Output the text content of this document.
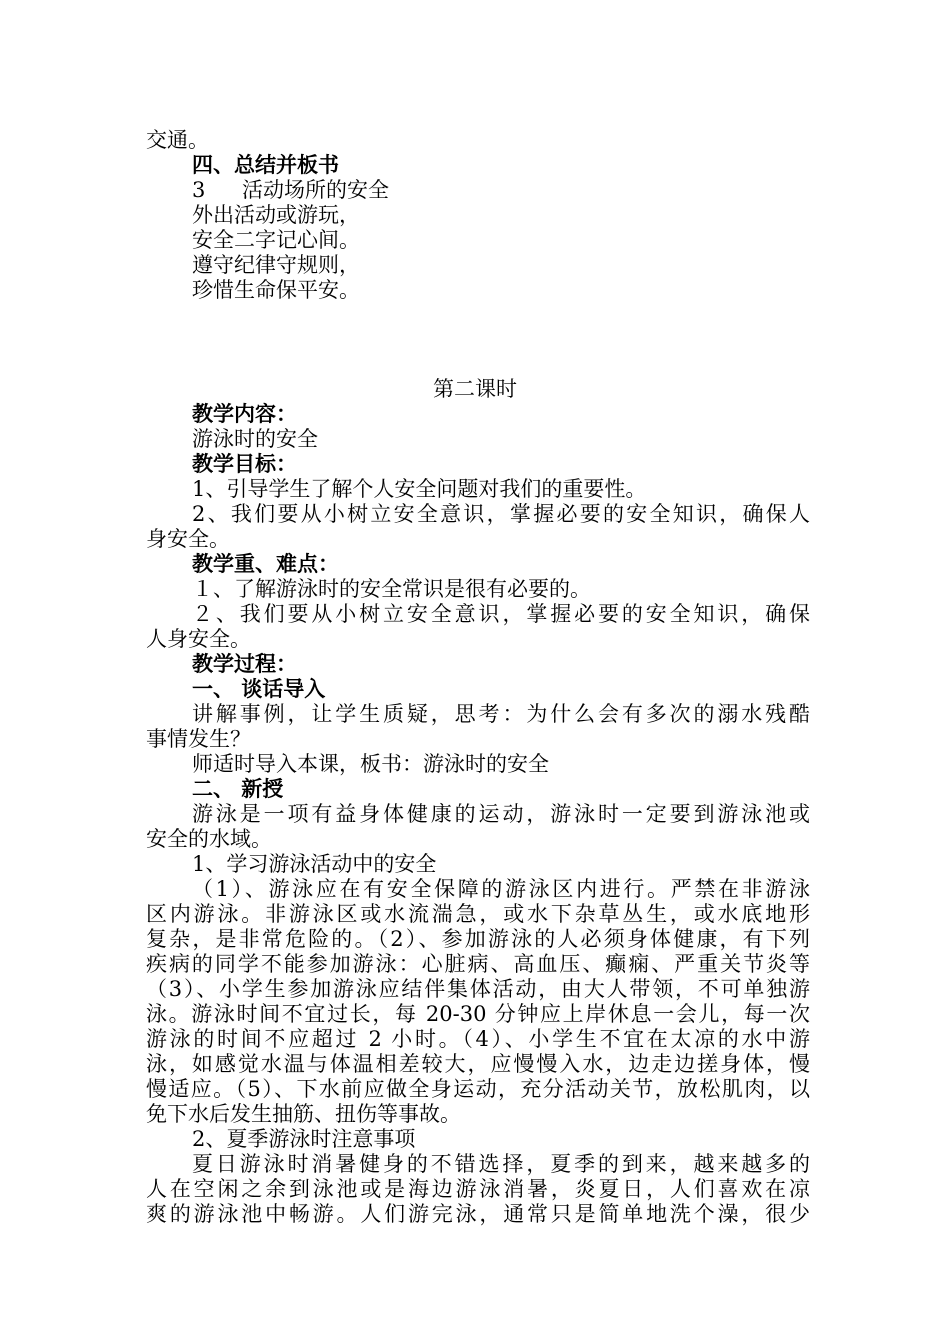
交通。
四、总结并板书
3 活动场所的安全
外出活动或游玩，
安全二字记心间。
遵守纪律守规则，
珍惜生命保平安。
第二课时
教学内容：
游泳时的安全
教学目标：
1、引导学生了解个人安全问题对我们的重要性。
2、我们要从小树立安全意识，掌握必要的安全知识，确保人
身安全。
教学重、难点：
１、了解游泳时的安全常识是很有必要的。
２、我们要从小树立安全意识，掌握必要的安全知识，确保
人身安全。
教学过程：
一、 谈话导入
讲解事例，让学生质疑，思考：为什么会有多次的溺水残酷
事情发生？
师适时导入本课，板书：游泳时的安全
二、 新授
游泳是一项有益身体健康的运动，游泳时一定要到游泳池或
安全的水域。
1、学习游泳活动中的安全
（1）、游泳应在有安全保障的游泳区内进行。严禁在非游泳
区内游泳。非游泳区或水流湍急，或水下杂草丛生，或水底地形
复杂，是非常危险的。（2）、参加游泳的人必须身体健康，有下列
疾病的同学不能参加游泳：心脏病、高血压、癫痫、严重关节炎等
（3）、小学生参加游泳应结伴集体活动，由大人带领，不可单独游
泳。游泳时间不宜过长，每 20-30 分钟应上岸休息一会儿，每一次
游泳的时间不应超过 2 小时。（4）、小学生不宜在太凉的水中游
泳，如感觉水温与体温相差较大，应慢慢入水，边走边搓身体，慢
慢适应。（5）、下水前应做全身运动，充分活动关节，放松肌肉，以
免下水后发生抽筋、扭伤等事故。
2、夏季游泳时注意事项
夏日游泳时消暑健身的不错选择，夏季的到来，越来越多的
人在空闲之余到泳池或是海边游泳消暑，炎夏日，人们喜欢在凉
爽的游泳池中畅游。人们游完泳，通常只是简单地洗个澡，很少
